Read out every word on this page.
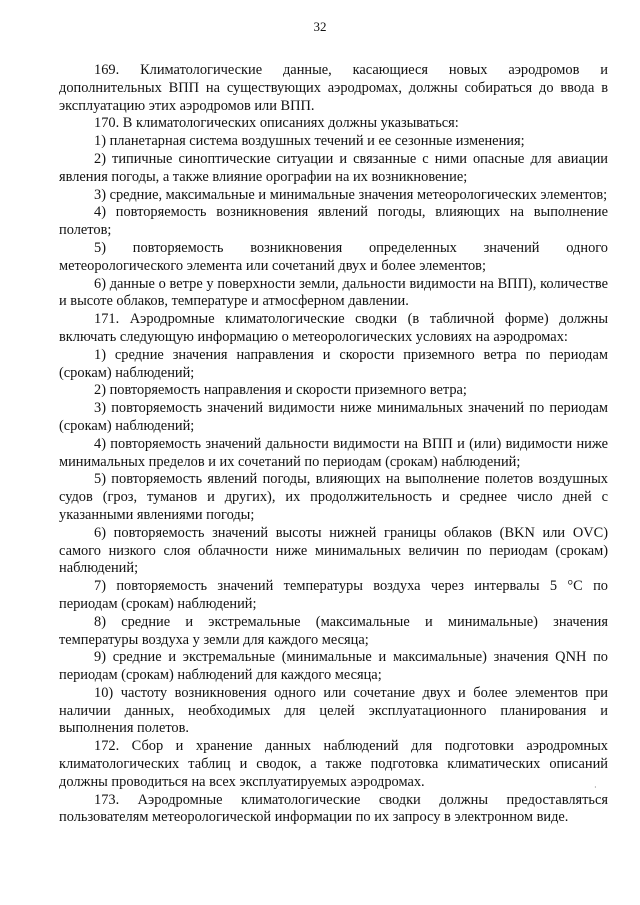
32

169. Климатологические данные, касающиеся новых аэродромов и дополнительных ВПП на существующих аэродромах, должны собираться до ввода в эксплуатацию этих аэродромов или ВПП.

170. В климатологических описаниях должны указываться:

1) планетарная система воздушных течений и ее сезонные изменения;

2) типичные синоптические ситуации и связанные с ними опасные для авиации явления погоды, а также влияние орографии на их возникновение;

3) средние, максимальные и минимальные значения метеорологических элементов;

4) повторяемость возникновения явлений погоды, влияющих на выполнение полетов;

5) повторяемость возникновения определенных значений одного метеорологического элемента или сочетаний двух и более элементов;

6) данные о ветре у поверхности земли, дальности видимости на ВПП), количестве и высоте облаков, температуре и атмосферном давлении.

171. Аэродромные климатологические сводки (в табличной форме) должны включать следующую информацию о метеорологических условиях на аэродромах:

1) средние значения направления и скорости приземного ветра по периодам (срокам) наблюдений;

2) повторяемость направления и скорости приземного ветра;

3) повторяемость значений видимости ниже минимальных значений по периодам (срокам) наблюдений;

4) повторяемость значений дальности видимости на ВПП и (или) видимости ниже минимальных пределов и их сочетаний по периодам (срокам) наблюдений;

5) повторяемость явлений погоды, влияющих на выполнение полетов воздушных судов (гроз, туманов и других), их продолжительность и среднее число дней с указанными явлениями погоды;

6) повторяемость значений высоты нижней границы облаков (BKN или OVC) самого низкого слоя облачности ниже минимальных величин по периодам (срокам) наблюдений;

7) повторяемость значений температуры воздуха через интервалы 5 °C по периодам (срокам) наблюдений;

8) средние и экстремальные (максимальные и минимальные) значения температуры воздуха у земли для каждого месяца;

9) средние и экстремальные (минимальные и максимальные) значения QNH по периодам (срокам) наблюдений для каждого месяца;

10) частоту возникновения одного или сочетание двух и более элементов при наличии данных, необходимых для целей эксплуатационного планирования и выполнения полетов.

172. Сбор и хранение данных наблюдений для подготовки аэродромных климатологических таблиц и сводок, а также подготовка климатических описаний должны проводиться на всех эксплуатируемых аэродромах.

173. Аэродромные климатологические сводки должны предоставляться пользователям метеорологической информации по их запросу в электронном виде.

·
